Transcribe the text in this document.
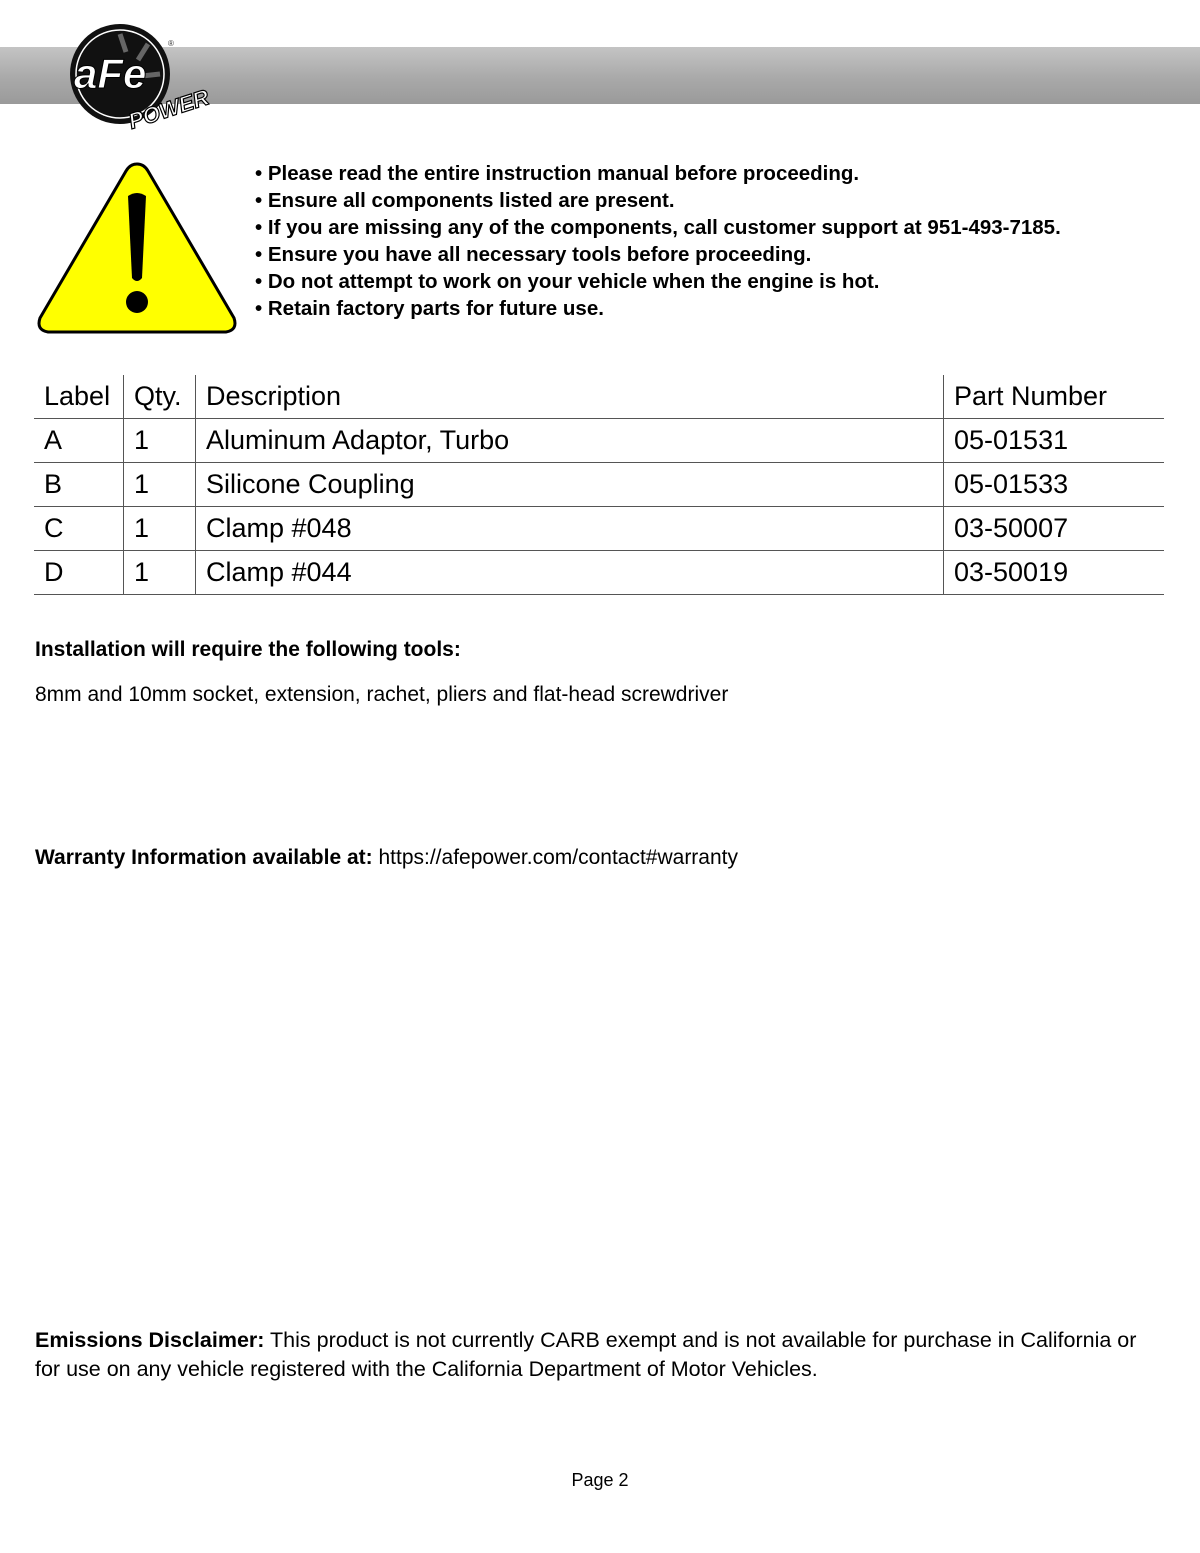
aFe
POWER
®
• Please read the entire instruction manual before proceeding.
• Ensure all components listed are present.
• If you are missing any of the components, call customer support at 951-493-7185.
• Ensure you have all necessary tools before proceeding.
• Do not attempt to work on your vehicle when the engine is hot.
• Retain factory parts for future use.
Label	Qty.	Description	Part Number
A	1	Aluminum Adaptor, Turbo	05-01531
B	1	Silicone Coupling	05-01533
C	1	Clamp #048	03-50007
D	1	Clamp #044	03-50019
Installation will require the following tools:
8mm and 10mm socket, extension, rachet, pliers and flat-head screwdriver
Warranty Information available at: https://afepower.com/contact#warranty
Emissions Disclaimer: This product is not currently CARB exempt and is not available for purchase in California or for use on any vehicle registered with the California Department of Motor Vehicles.
Page 2
